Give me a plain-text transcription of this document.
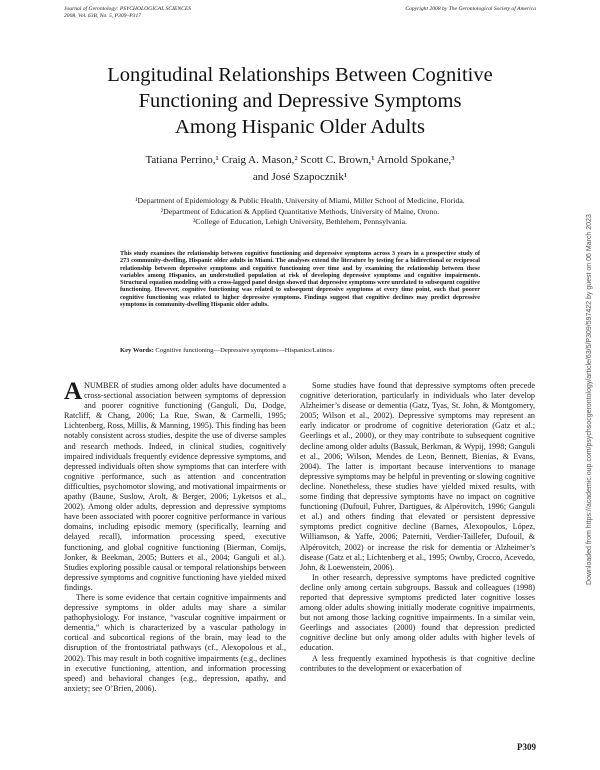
Journal of Gerontology: PSYCHOLOGICAL SCIENCES
2008, Vol. 63B, No. 5, P309–P317
Copyright 2008 by The Gerontological Society of America
Longitudinal Relationships Between Cognitive
Functioning and Depressive Symptoms
Among Hispanic Older Adults
Tatiana Perrino,¹ Craig A. Mason,² Scott C. Brown,¹ Arnold Spokane,³
and José Szapocznik¹
¹Department of Epidemiology & Public Health, University of Miami, Miller School of Medicine, Florida.
²Department of Education & Applied Quantitative Methods, University of Maine, Orono.
³College of Education, Lehigh University, Bethlehem, Pennsylvania.
This study examines the relationship between cognitive functioning and depressive symptoms across 3 years in a prospective study of 273 community-dwelling, Hispanic older adults in Miami. The analyses extend the literature by testing for a bidirectional or reciprocal relationship between depressive symptoms and cognitive functioning over time and by examining the relationship between these variables among Hispanics, an understudied population at risk of developing depressive symptoms and cognitive impairments. Structural equation modeling with a cross-lagged panel design showed that depressive symptoms were unrelated to subsequent cognitive functioning. However, cognitive functioning was related to subsequent depressive symptoms at every time point, such that poorer cognitive functioning was related to higher depressive symptoms. Findings suggest that cognitive declines may predict depressive symptoms in community-dwelling Hispanic older adults.
Key Words: Cognitive functioning—Depressive symptoms—Hispanics/Latinos.

ANUMBER of studies among older adults have documented a cross-sectional association between symptoms of depression and poorer cognitive functioning (Ganguli, Du, Dodge, Ratcliff, & Chang, 2006; La Rue, Swan, & Carmelli, 1995; Lichtenberg, Ross, Millis, & Manning, 1995). This finding has been notably consistent across studies, despite the use of diverse samples and research methods. Indeed, in clinical studies, cognitively impaired individuals frequently evidence depressive symptoms, and depressed individuals often show symptoms that can interfere with cognitive performance, such as attention and concentration difficulties, psychomotor slowing, and motivational impairments or apathy (Baune, Suslow, Arolt, & Berger, 2006; Lyketsos et al., 2002). Among older adults, depression and depressive symptoms have been associated with poorer cognitive performance in various domains, including episodic memory (specifically, learning and delayed recall), information processing speed, executive functioning, and global cognitive functioning (Bierman, Comijs, Jonker, & Beekman, 2005; Butters et al., 2004; Ganguli et al.). Studies exploring possible causal or temporal relationships between depressive symptoms and cognitive functioning have yielded mixed findings.

There is some evidence that certain cognitive impairments and depressive symptoms in older adults may share a similar pathophysiology. For instance, “vascular cognitive impairment or dementia,” which is characterized by a vascular pathology in cortical and subcortical regions of the brain, may lead to the disruption of the frontostriatal pathways (cf., Alexopolous et al., 2002). This may result in both cognitive impairments (e.g., declines in executive functioning, attention, and information processing speed) and behavioral changes (e.g., depression, apathy, and anxiety; see O’Brien, 2006).

Some studies have found that depressive symptoms often precede cognitive deterioration, particularly in individuals who later develop Alzheimer’s disease or dementia (Gatz, Tyas, St. John, & Montgomery, 2005; Wilson et al., 2002). Depressive symptoms may represent an early indicator or prodrome of cognitive deterioration (Gatz et al.; Geerlings et al., 2000), or they may contribute to subsequent cognitive decline among older adults (Bassuk, Berkman, & Wypij, 1998; Ganguli et al., 2006; Wilson, Mendes de Leon, Bennett, Bienias, & Evans, 2004). The latter is important because interventions to manage depressive symptoms may be helpful in preventing or slowing cognitive decline. Nonetheless, these studies have yielded mixed results, with some finding that depressive symptoms have no impact on cognitive functioning (Dufouil, Fuhrer, Dartigues, & Alpérovitch, 1996; Ganguli et al.) and others finding that elevated or persistent depressive symptoms predict cognitive decline (Barnes, Alexopoulos, López, Williamson, & Yaffe, 2006; Paterniti, Verdier-Taillefer, Dufouil, & Alpérovitch, 2002) or increase the risk for dementia or Alzheimer’s disease (Gatz et al.; Lichtenberg et al., 1995; Ownby, Crocco, Acevedo, John, & Loewenstein, 2006).

In other research, depressive symptoms have predicted cognitive decline only among certain subgroups. Bassuk and colleagues (1998) reported that depressive symptoms predicted later cognitive losses among older adults showing initially moderate cognitive impairments, but not among those lacking cognitive impairments. In a similar vein, Geerlings and associates (2000) found that depression predicted cognitive decline but only among older adults with higher levels of education.

A less frequently examined hypothesis is that cognitive decline contributes to the development or exacerbation of

P309
Downloaded from https://academic.oup.com/psychsocgerontology/article/63/5/P309/597422 by guest on 06 March 2023
